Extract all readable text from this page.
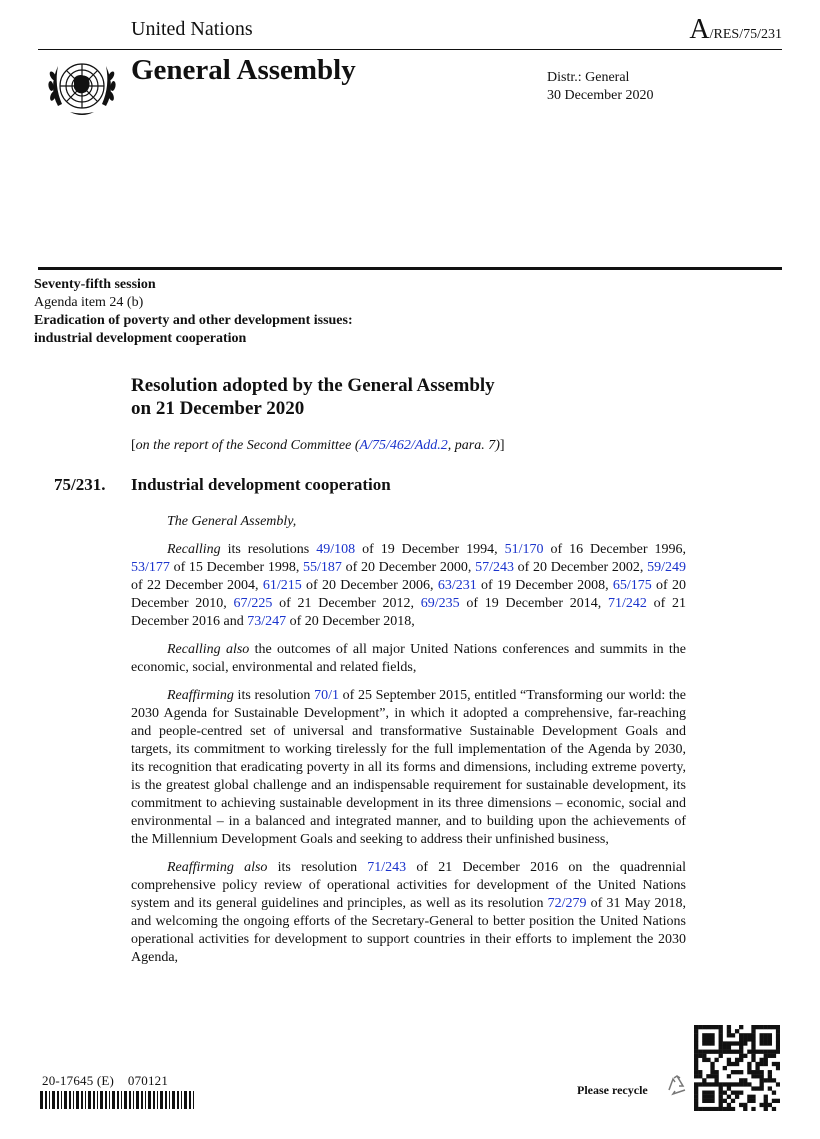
United Nations	A/RES/75/231
General Assembly	Distr.: General
30 December 2020
Seventy-fifth session
Agenda item 24 (b)
Eradication of poverty and other development issues:
industrial development cooperation
Resolution adopted by the General Assembly
on 21 December 2020
[on the report of the Second Committee (A/75/462/Add.2, para. 7)]
75/231. Industrial development cooperation

The General Assembly,

Recalling its resolutions 49/108 of 19 December 1994, 51/170 of 16 December 1996, 53/177 of 15 December 1998, 55/187 of 20 December 2000, 57/243 of 20 December 2002, 59/249 of 22 December 2004, 61/215 of 20 December 2006, 63/231 of 19 December 2008, 65/175 of 20 December 2010, 67/225 of 21 December 2012, 69/235 of 19 December 2014, 71/242 of 21 December 2016 and 73/247 of 20 December 2018,

Recalling also the outcomes of all major United Nations conferences and summits in the economic, social, environmental and related fields,

Reaffirming its resolution 70/1 of 25 September 2015, entitled “Transforming our world: the 2030 Agenda for Sustainable Development”, in which it adopted a comprehensive, far-reaching and people-centred set of universal and transformative Sustainable Development Goals and targets, its commitment to working tirelessly for the full implementation of the Agenda by 2030, its recognition that eradicating poverty in all its forms and dimensions, including extreme poverty, is the greatest global challenge and an indispensable requirement for sustainable development, its commitment to achieving sustainable development in its three dimensions – economic, social and environmental – in a balanced and integrated manner, and to building upon the achievements of the Millennium Development Goals and seeking to address their unfinished business,

Reaffirming also its resolution 71/243 of 21 December 2016 on the quadrennial comprehensive policy review of operational activities for development of the United Nations system and its general guidelines and principles, as well as its resolution 72/279 of 31 May 2018, and welcoming the ongoing efforts of the Secretary-General to better position the United Nations operational activities for development to support countries in their efforts to implement the 2030 Agenda,

20-17645 (E)    070121
Please recycle
